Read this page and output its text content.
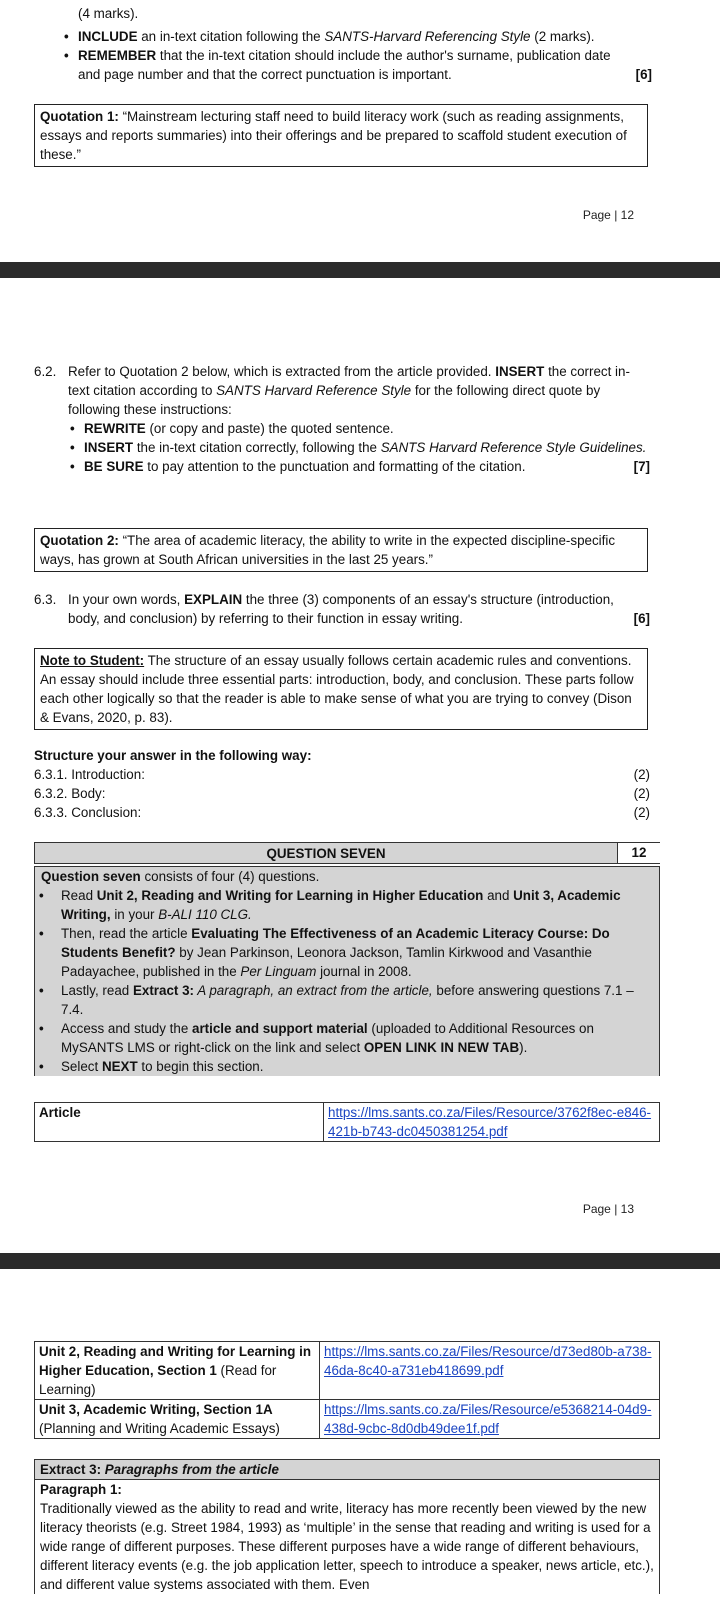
(4 marks).
• INCLUDE an in-text citation following the SANTS-Harvard Referencing Style (2 marks).
• REMEMBER that the in-text citation should include the author's surname, publication date and page number and that the correct punctuation is important.	[6]
Quotation 1: “Mainstream lecturing staff need to build literacy work (such as reading assignments, essays and reports summaries) into their offerings and be prepared to scaffold student execution of these.”
Page | 12
6.2. Refer to Quotation 2 below, which is extracted from the article provided. INSERT the correct in-text citation according to SANTS Harvard Reference Style for the following direct quote by following these instructions:
• REWRITE (or copy and paste) the quoted sentence.
• INSERT the in-text citation correctly, following the SANTS Harvard Reference Style Guidelines.
• BE SURE to pay attention to the punctuation and formatting of the citation.	[7]
Quotation 2: “The area of academic literacy, the ability to write in the expected discipline-specific ways, has grown at South African universities in the last 25 years.”
6.3. In your own words, EXPLAIN the three (3) components of an essay's structure (introduction, body, and conclusion) by referring to their function in essay writing.	[6]
Note to Student: The structure of an essay usually follows certain academic rules and conventions. An essay should include three essential parts: introduction, body, and conclusion. These parts follow each other logically so that the reader is able to make sense of what you are trying to convey (Dison & Evans, 2020, p. 83).
Structure your answer in the following way:
6.3.1. Introduction:	(2)
6.3.2. Body:	(2)
6.3.3. Conclusion:	(2)
QUESTION SEVEN	12
Question seven consists of four (4) questions.
• Read Unit 2, Reading and Writing for Learning in Higher Education and Unit 3, Academic Writing, in your B-ALI 110 CLG.
• Then, read the article Evaluating The Effectiveness of an Academic Literacy Course: Do Students Benefit? by Jean Parkinson, Leonora Jackson, Tamlin Kirkwood and Vasanthie Padayachee, published in the Per Linguam journal in 2008.
• Lastly, read Extract 3: A paragraph, an extract from the article, before answering questions 7.1 – 7.4.
• Access and study the article and support material (uploaded to Additional Resources on MySANTS LMS or right-click on the link and select OPEN LINK IN NEW TAB).
• Select NEXT to begin this section.
Article	https://lms.sants.co.za/Files/Resource/3762f8ec-e846-421b-b743-dc0450381254.pdf
Page | 13
Unit 2, Reading and Writing for Learning in Higher Education, Section 1 (Read for Learning)	https://lms.sants.co.za/Files/Resource/d73ed80b-a738-46da-8c40-a731eb418699.pdf
Unit 3, Academic Writing, Section 1A (Planning and Writing Academic Essays)	https://lms.sants.co.za/Files/Resource/e5368214-04d9-438d-9cbc-8d0db49dee1f.pdf
Extract 3: Paragraphs from the article
Paragraph 1:
Traditionally viewed as the ability to read and write, literacy has more recently been viewed by the new literacy theorists (e.g. Street 1984, 1993) as ‘multiple’ in the sense that reading and writing is used for a wide range of different purposes. These different purposes have a wide range of different behaviours, different literacy events (e.g. the job application letter, speech to introduce a speaker, news article, etc.), and different value systems associated with them. Even
